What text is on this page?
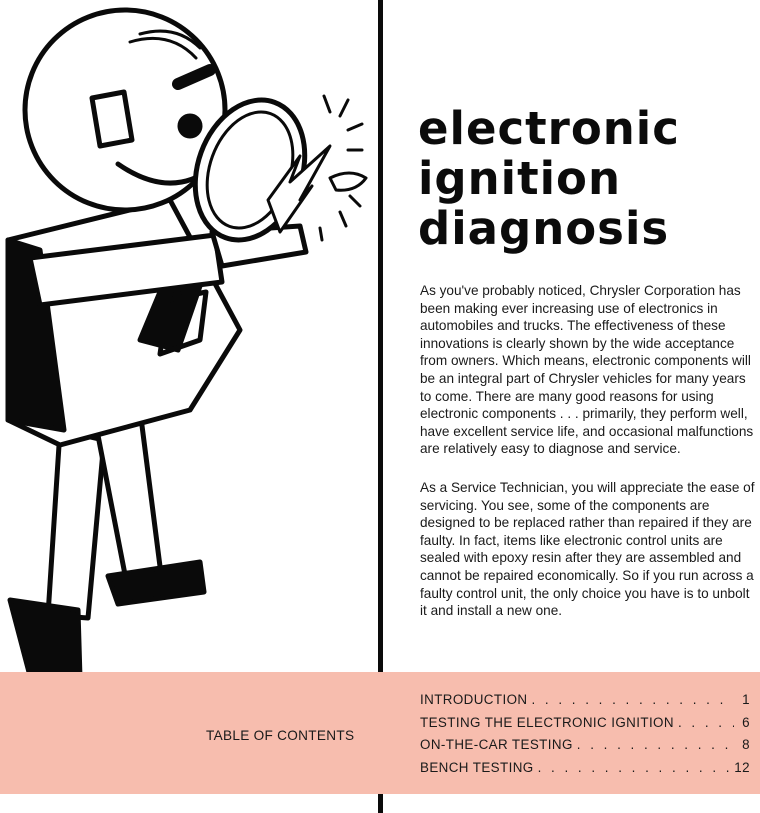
electronic
ignition
diagnosis

As you've probably noticed, Chrysler Corporation has been making ever increasing use of electronics in automobiles and trucks. The effectiveness of these innovations is clearly shown by the wide acceptance from owners. Which means, electronic components will be an integral part of Chrysler vehicles for many years to come. There are many good reasons for using electronic components . . . primarily, they perform well, have excellent service life, and occasional malfunctions are relatively easy to diagnose and service.

As a Service Technician, you will appreciate the ease of servicing. You see, some of the components are designed to be replaced rather than repaired if they are faulty. In fact, items like electronic control units are sealed with epoxy resin after they are assembled and cannot be repaired economically. So if you run across a faulty control unit, the only choice you have is to unbolt it and install a new one.

TABLE OF CONTENTS
INTRODUCTION . . .	1
TESTING THE ELECTRONIC IGNITION . . .	6
ON-THE-CAR TESTING . . .	8
BENCH TESTING . . .	12
